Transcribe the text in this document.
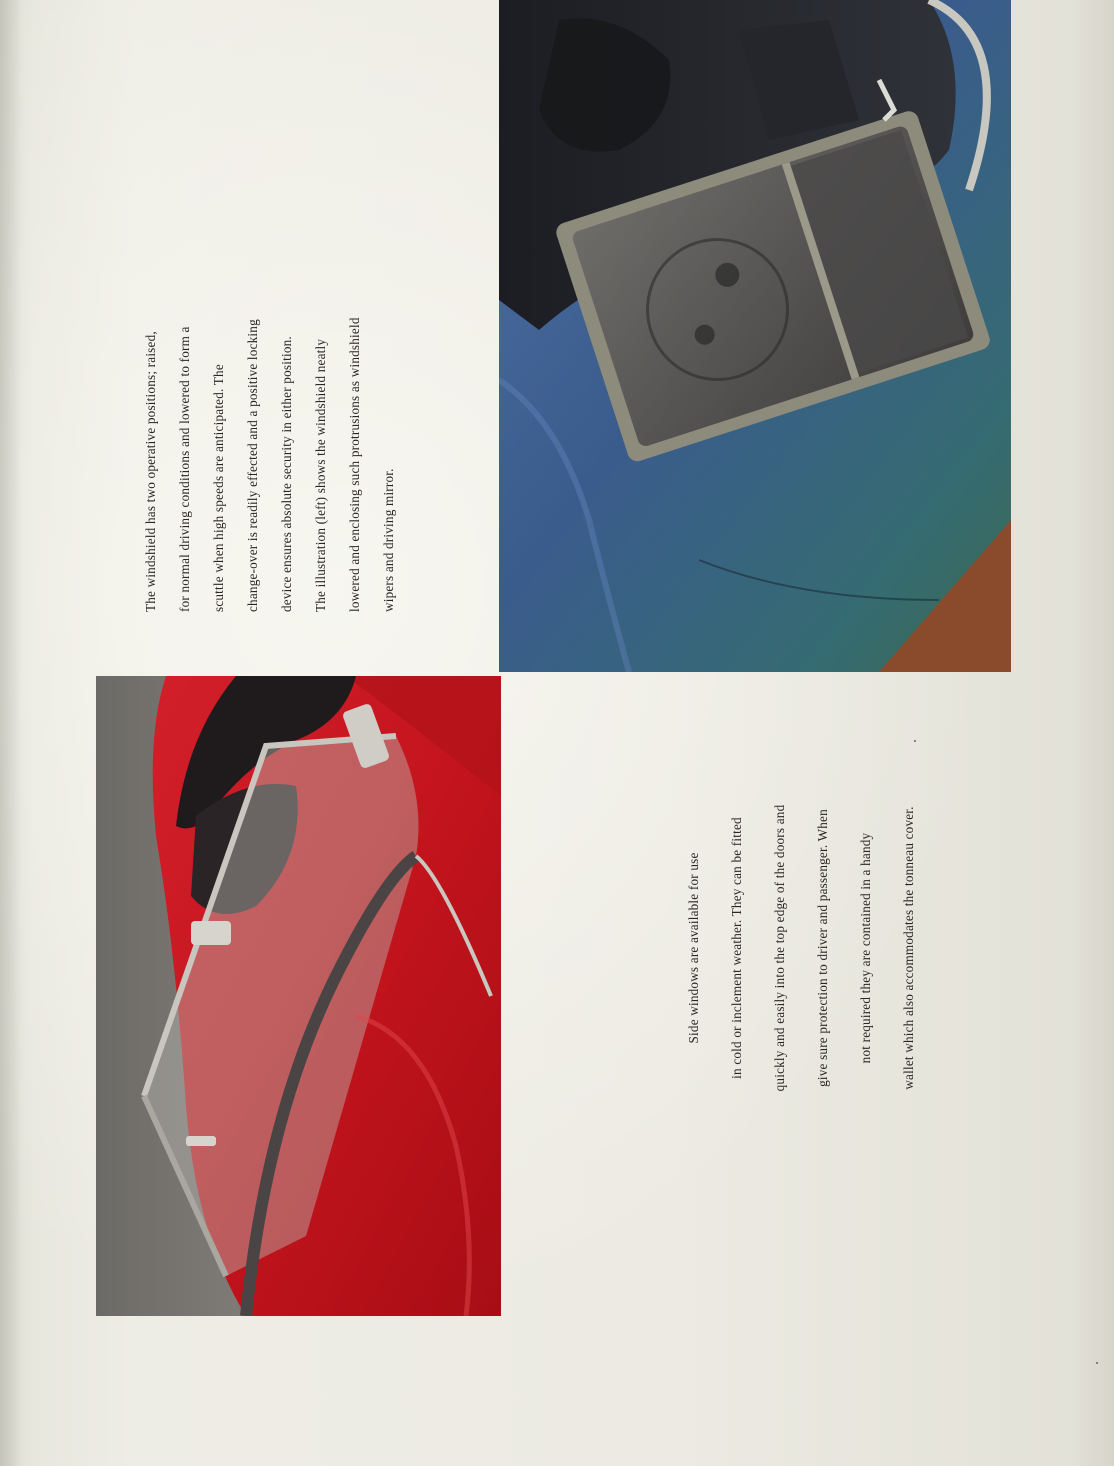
The windshield has two operative positions; raised,	for normal driving conditions and lowered to form a	scuttle when high speeds are anticipated. The	change-over is readily effected and a positive locking	device ensures absolute security in either position.	The illustration (left) shows the windshield neatly	lowered and enclosing such protrusions as windshield	wipers and driving mirror.
Side windows are available for use	in cold or inclement weather. They can be fitted	quickly and easily into the top edge of the doors and	give sure protection to driver and passenger. When	not required they are contained in a handy	wallet which also accommodates the tonneau cover.
